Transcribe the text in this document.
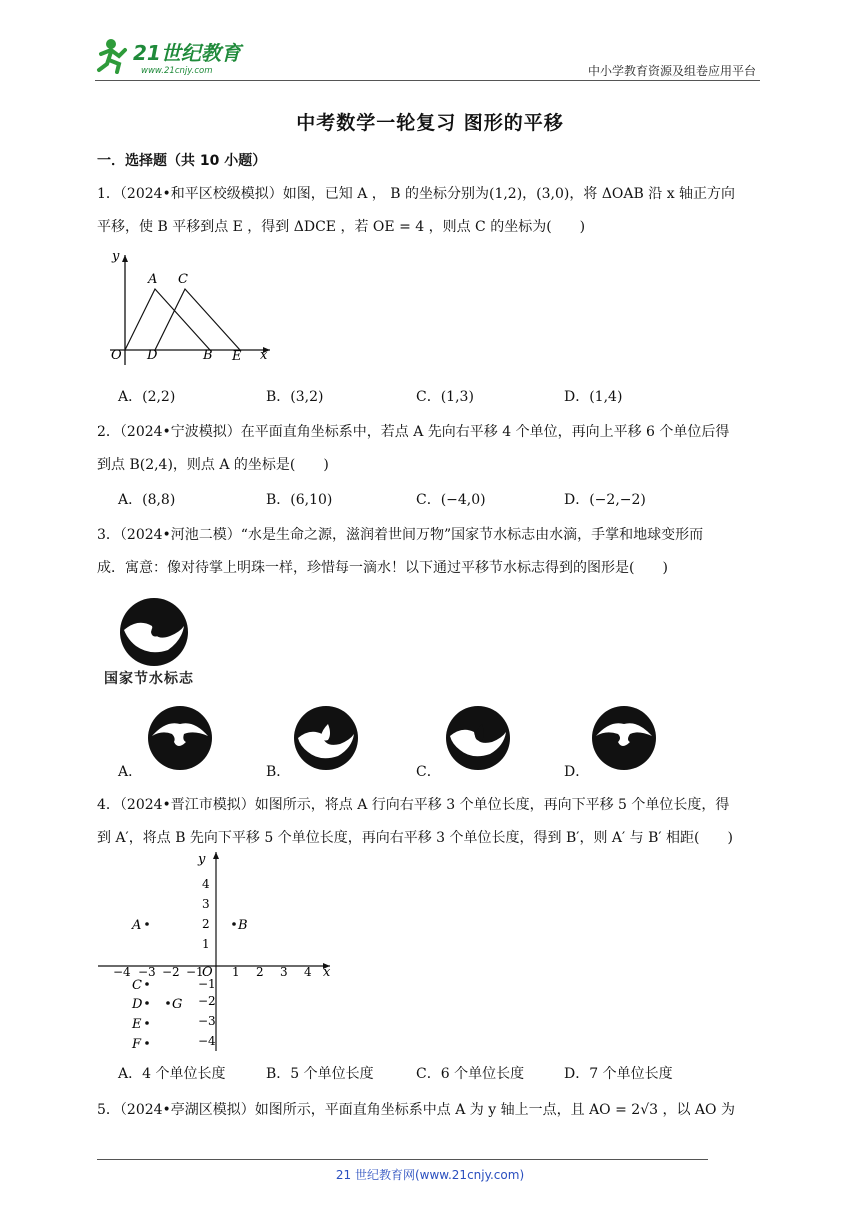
21世纪教育
www.21cnjy.com	中小学教育资源及组卷应用平台
中考数学一轮复习 图形的平移
一．选择题（共 10 小题）
1．（2024•和平区校级模拟）如图，已知 A ， B 的坐标分别为(1,2)，(3,0)，将 ΔOAB 沿 x 轴正方向
平移，使 B 平移到点 E ，得到 ΔDCE ，若 OE = 4 ，则点 C 的坐标为(　　)
y
x
O
A C
D	B E
A．(2,2)	B．(3,2)	C．(1,3)	D．(1,4)
2．（2024•宁波模拟）在平面直角坐标系中，若点 A 先向右平移 4 个单位，再向上平移 6 个单位后得
到点 B(2,4)，则点 A 的坐标是(　　)
A．(8,8)	B．(6,10)	C．(−4,0)	D．(−2,−2)
3．（2024•河池二模）“水是生命之源，滋润着世间万物”国家节水标志由水滴，手掌和地球变形而
成．寓意：像对待掌上明珠一样，珍惜每一滴水！以下通过平移节水标志得到的图形是(　　)
国家节水标志
A．	B．	C．	D．
4．（2024•晋江市模拟）如图所示，将点 A 行向右平移 3 个单位长度，再向下平移 5 个单位长度，得
到 A′，将点 B 先向下平移 5 个单位长度，再向右平移 3 个单位长度，得到 B′，则 A′ 与 B′ 相距(　　)
y
x
O
−4 −3 −2 −1 1 2 3 4
4
3
2
1
−1
−2
−3
−4
A	B
C
D G
E
F
A．4 个单位长度	B．5 个单位长度	C．6 个单位长度	D．7 个单位长度
5．（2024•亭湖区模拟）如图所示，平面直角坐标系中点 A 为 y 轴上一点，且 AO = 2√3 ，以 AO 为
21 世纪教育网(www.21cnjy.com)
